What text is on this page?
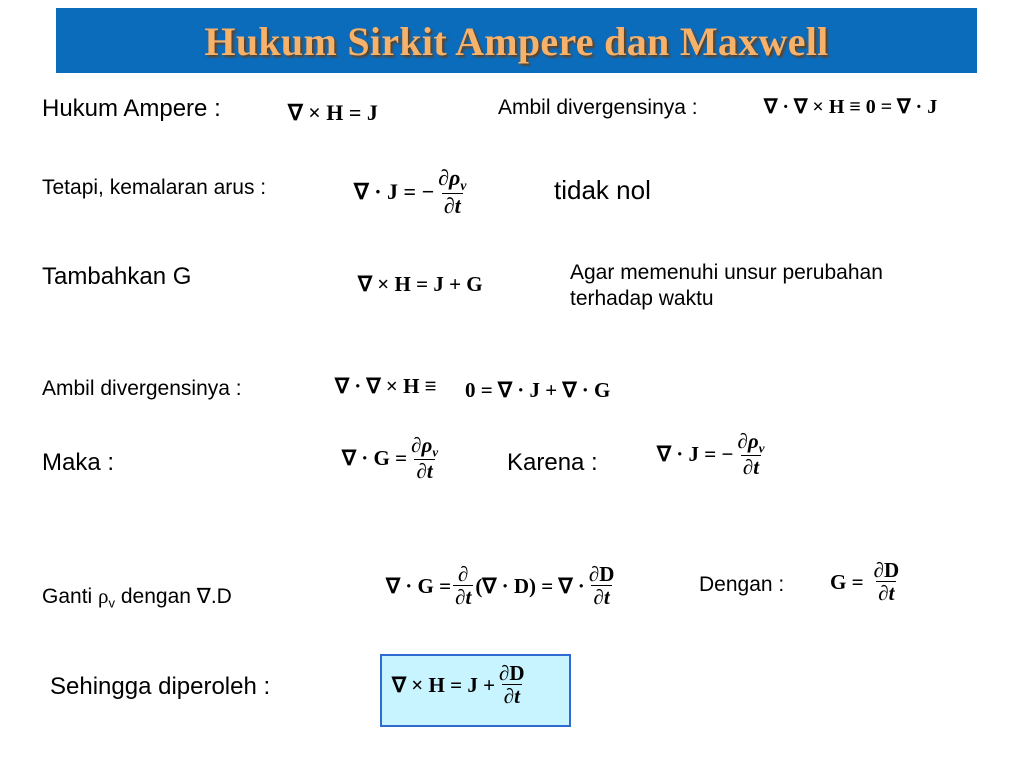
Hukum Sirkit Ampere dan Maxwell
Hukum Ampere :	∇ × H = J	Ambil divergensinya :	∇ · ∇ × H ≡ 0 = ∇ · J
Tetapi, kemalaran arus :	∇ · J = − $\frac{\partial\rho_v}{\partial t}$	tidak nol
Tambahkan G	∇ × H = J + G	Agar memenuhi unsur perubahan
terhadap waktu
Ambil divergensinya :	∇ · ∇ × H ≡ 0 = ∇ · J + ∇ · G
Maka :	∇ · $G = \frac{\partial\rho_v}{\partial t}$	Karena :	∇ · J = − $\frac{\partial\rho_v}{\partial t}$
Ganti $\rho_v$ dengan ∇.D	∇ · $G = \frac{\partial}{\partial t}$ (∇ · D) = ∇ · $\frac{\partial D}{\partial t}$	Dengan : $G = \frac{\partial D}{\partial t}$
Sehingga diperoleh :	∇ × $H = J + \frac{\partial D}{\partial t}$
